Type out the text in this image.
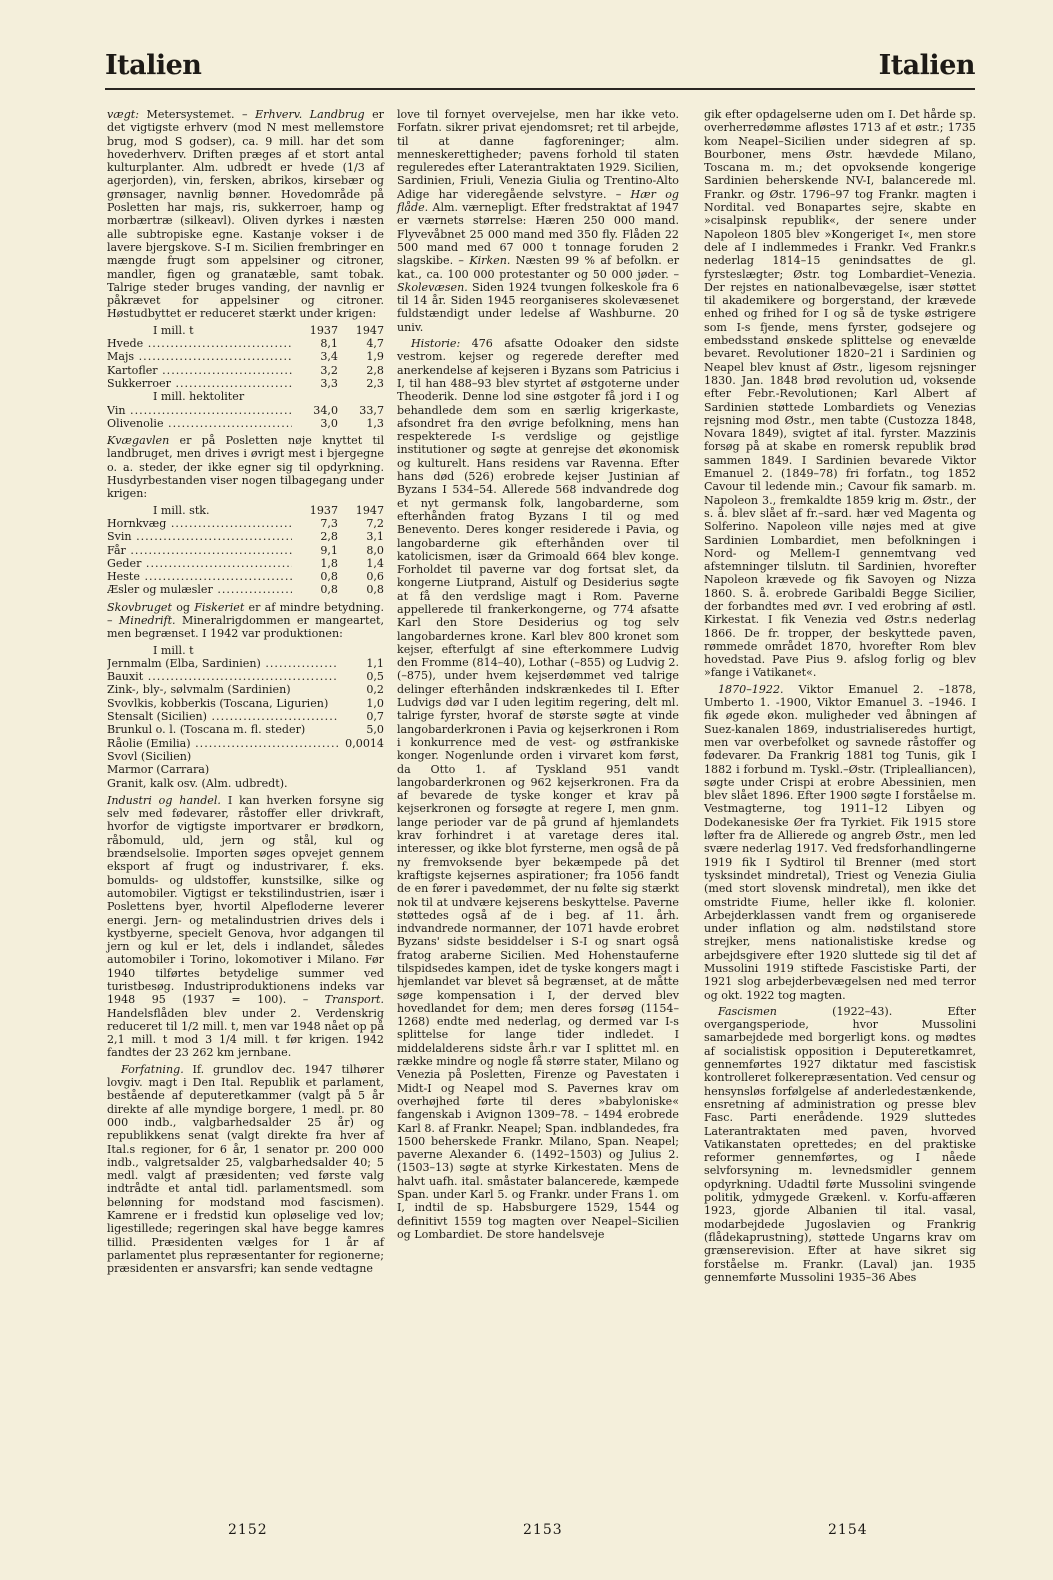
Italien	Italien

vægt: Metersystemet. – Erhverv. Landbrug er det vigtigste erhverv (mod N mest mellemstore brug, mod S godser), ca. 9 mill. har det som hovederhverv. Driften præges af et stort antal kulturplanter. Alm. udbredt er hvede (1/3 af agerjorden), vin, fersken, abrikos, kirsebær og grønsager, navnlig bønner. Hovedområde på Posletten har majs, ris, sukkerroer, hamp og morbærtræ (silkeavl). Oliven dyrkes i næsten alle subtropiske egne. Kastanje vokser i de lavere bjergskove. S-I m. Sicilien frembringer en mængde frugt som appelsiner og citroner, mandler, figen og granatæble, samt tobak. Talrige steder bruges vanding, der navnlig er påkrævet for appelsiner og citroner. Høstudbyttet er reduceret stærkt under krigen:

I mill. t	1937	1947
Hvede .....	8,1	4,7
Majs .....	3,4	1,9
Kartofler .....	3,2	2,8
Sukkerroer .....	3,3	2,3
I mill. hektoliter		
Vin .....	34,0	33,7
Olivenolie .....	3,0	1,3

Kvægavlen er på Posletten nøje knyttet til landbruget, men drives i øvrigt mest i bjergegne o. a. steder, der ikke egner sig til opdyrkning. Husdyrbestanden viser nogen tilbagegang under krigen:

I mill. stk.	1937	1947
Hornkvæg .....	7,3	7,2
Svin .....	2,8	3,1
Får .....	9,1	8,0
Geder .....	1,8	1,4
Heste .....	0,8	0,6
Æsler og mulæsler .....	0,8	0,8

Skovbruget og Fiskeriet er af mindre betydning. – Minedrift. Mineralrigdommen er mangeartet, men begrænset. I 1942 var produktionen:

I mill. t	
Jernmalm (Elba, Sardinien) .....	1,1
Bauxit .....	0,5
Zink-, bly-, sølvmalm (Sardinien)	0,2
Svovlkis, kobberkis (Toscana, Ligurien)	1,0
Stensalt (Sicilien) .....	0,7
Brunkul o. l. (Toscana m. fl. steder)	5,0
Råolie (Emilia) .....	0,0014
Svovl (Sicilien)	
Marmor (Carrara)	
Granit, kalk osv. (Alm. udbredt).	

Industri og handel. I kan hverken forsyne sig selv med fødevarer, råstoffer eller drivkraft, hvorfor de vigtigste importvarer er brødkorn, råbomuld, uld, jern og stål, kul og brændselsolie. Importen søges opvejet gennem eksport af frugt og industrivarer, f. eks. bomulds- og uldstoffer, kunstsilke, silke og automobiler. Vigtigst er tekstilindustrien, især i Poslettens byer, hvortil Alpefloderne leverer energi. Jern- og metalindustrien drives dels i kystbyerne, specielt Genova, hvor adgangen til jern og kul er let, dels i indlandet, således automobiler i Torino, lokomotiver i Milano. Før 1940 tilførtes betydelige summer ved turistbesøg. Industriproduktionens indeks var 1948 95 (1937 = 100). – Transport. Handelsflåden blev under 2. Verdenskrig reduceret til 1/2 mill. t, men var 1948 nået op på 2,1 mill. t mod 3 1/4 mill. t før krigen. 1942 fandtes der 23 262 km jernbane.

Forfatning. If. grundlov dec. 1947 tilhører lovgiv. magt i Den Ital. Republik et parlament, bestående af deputeretkammer (valgt på 5 år direkte af alle myndige borgere, 1 medl. pr. 80 000 indb., valgbarhedsalder 25 år) og republikkens senat (valgt direkte fra hver af Ital.s regioner, for 6 år, 1 senator pr. 200 000 indb., valgretsalder 25, valgbarhedsalder 40; 5 medl. valgt af præsidenten; ved første valg indtrådte et antal tidl. parlamentsmedl. som belønning for modstand mod fascismen). Kamrene er i fredstid kun opløselige ved lov; ligestillede; regeringen skal have begge kamres tillid. Præsidenten vælges for 1 år af parlamentet plus repræsentanter for regionerne; præsidenten er ansvarsfri; kan sende vedtagne

love til fornyet overvejelse, men har ikke veto. Forfatn. sikrer privat ejendomsret; ret til arbejde, til at danne fagforeninger; alm. menneskerettigheder; pavens forhold til staten reguleredes efter Laterantraktaten 1929. Sicilien, Sardinien, Friuli, Venezia Giulia og Trentino-Alto Adige har videregående selvstyre. – Hær og flåde. Alm. værnepligt. Efter fredstraktat af 1947 er værnets størrelse: Hæren 250 000 mand. Flyvevåbnet 25 000 mand med 350 fly. Flåden 22 500 mand med 67 000 t tonnage foruden 2 slagskibe. – Kirken. Næsten 99 % af befolkn. er kat., ca. 100 000 protestanter og 50 000 jøder. – Skolevæsen. Siden 1924 tvungen folkeskole fra 6 til 14 år. Siden 1945 reorganiseres skolevæsenet fuldstændigt under ledelse af Washburne. 20 univ.

Historie: 476 afsatte Odoaker den sidste vestrom. kejser og regerede derefter med anerkendelse af kejseren i Byzans som Patricius i I, til han 488–93 blev styrtet af østgoterne under Theoderik. Denne lod sine østgoter få jord i I og behandlede dem som en særlig krigerkaste, afsondret fra den øvrige befolkning, mens han respekterede I-s verdslige og gejstlige institutioner og søgte at genrejse det økonomisk og kulturelt. Hans residens var Ravenna. Efter hans død (526) erobrede kejser Justinian af Byzans I 534–54. Allerede 568 indvandrede dog et nyt germansk folk, langobarderne, som efterhånden fratog Byzans I til og med Benevento. Deres konger residerede i Pavia, og langobarderne gik efterhånden over til katolicismen, især da Grimoald 664 blev konge. Forholdet til paverne var dog fortsat slet, da kongerne Liutprand, Aistulf og Desiderius søgte at få den verdslige magt i Rom. Paverne appellerede til frankerkongerne, og 774 afsatte Karl den Store Desiderius og tog selv langobardernes krone. Karl blev 800 kronet som kejser, efterfulgt af sine efterkommere Ludvig den Fromme (814–40), Lothar (–855) og Ludvig 2. (–875), under hvem kejserdømmet ved talrige delinger efterhånden indskrænkedes til I. Efter Ludvigs død var I uden legitim regering, delt ml. talrige fyrster, hvoraf de største søgte at vinde langobarderkronen i Pavia og kejserkronen i Rom i konkurrence med de vest- og østfrankiske konger. Nogenlunde orden i virvaret kom først, da Otto 1. af Tyskland 951 vandt langobarderkronen og 962 kejserkronen. Fra da af bevarede de tyske konger et krav på kejserkronen og forsøgte at regere I, men gnm. lange perioder var de på grund af hjemlandets krav forhindret i at varetage deres ital. interesser, og ikke blot fyrsterne, men også de på ny fremvoksende byer bekæmpede på det kraftigste kejsernes aspirationer; fra 1056 fandt de en fører i pavedømmet, der nu følte sig stærkt nok til at undvære kejserens beskyttelse. Paverne støttedes også af de i beg. af 11. årh. indvandrede normanner, der 1071 havde erobret Byzans' sidste besiddelser i S-I og snart også fratog araberne Sicilien. Med Hohenstauferne tilspidsedes kampen, idet de tyske kongers magt i hjemlandet var blevet så begrænset, at de måtte søge kompensation i I, der derved blev hovedlandet for dem; men deres forsøg (1154–1268) endte med nederlag, og dermed var I-s splittelse for lange tider indledet. I middelalderens sidste årh.r var I splittet ml. en række mindre og nogle få større stater, Milano og Venezia på Posletten, Firenze og Pavestaten i Midt-I og Neapel mod S. Pavernes krav om overhøjhed førte til deres »babyloniske« fangenskab i Avignon 1309–78. – 1494 erobrede Karl 8. af Frankr. Neapel; Span. indblandedes, fra 1500 beherskede Frankr. Milano, Span. Neapel; paverne Alexander 6. (1492–1503) og Julius 2. (1503–13) søgte at styrke Kirkestaten. Mens de halvt uafh. ital. småstater balancerede, kæmpede Span. under Karl 5. og Frankr. under Frans 1. om I, indtil de sp. Habsburgere 1529, 1544 og definitivt 1559 tog magten over Neapel–Sicilien og Lombardiet. De store handelsveje

gik efter opdagelserne uden om I. Det hårde sp. overherredømme afløstes 1713 af et østr.; 1735 kom Neapel–Sicilien under sidegren af sp. Bourboner, mens Østr. hævdede Milano, Toscana m. m.; det opvoksende kongerige Sardinien beherskende NV-I, balancerede ml. Frankr. og Østr. 1796–97 tog Frankr. magten i Nordital. ved Bonapartes sejre, skabte en »cisalpinsk republik«, der senere under Napoleon 1805 blev »Kongeriget I«, men store dele af I indlemmedes i Frankr. Ved Frankr.s nederlag 1814–15 genindsattes de gl. fyrsteslægter; Østr. tog Lombardiet–Venezia. Der rejstes en nationalbevægelse, især støttet til akademikere og borgerstand, der krævede enhed og frihed for I og så de tyske østrigere som I-s fjende, mens fyrster, godsejere og embedsstand ønskede splittelse og enevælde bevaret. Revolutioner 1820–21 i Sardinien og Neapel blev knust af Østr., ligesom rejsninger 1830. Jan. 1848 brød revolution ud, voksende efter Febr.-Revolutionen; Karl Albert af Sardinien støttede Lombardiets og Venezias rejsning mod Østr., men tabte (Custozza 1848, Novara 1849), svigtet af ital. fyrster. Mazzinis forsøg på at skabe en romersk republik brød sammen 1849. I Sardinien bevarede Viktor Emanuel 2. (1849–78) fri forfatn., tog 1852 Cavour til ledende min.; Cavour fik samarb. m. Napoleon 3., fremkaldte 1859 krig m. Østr., der s. å. blev slået af fr.–sard. hær ved Magenta og Solferino. Napoleon ville nøjes med at give Sardinien Lombardiet, men befolkningen i Nord- og Mellem-I gennemtvang ved afstemninger tilslutn. til Sardinien, hvorefter Napoleon krævede og fik Savoyen og Nizza 1860. S. å. erobrede Garibaldi Begge Sicilier, der forbandtes med øvr. I ved erobring af østl. Kirkestat. I fik Venezia ved Østr.s nederlag 1866. De fr. tropper, der beskyttede paven, rømmede området 1870, hvorefter Rom blev hovedstad. Pave Pius 9. afslog forlig og blev »fange i Vatikanet«.

1870–1922. Viktor Emanuel 2. –1878, Umberto 1. -1900, Viktor Emanuel 3. –1946. I fik øgede økon. muligheder ved åbningen af Suez-kanalen 1869, industrialiseredes hurtigt, men var overbefolket og savnede råstoffer og fødevarer. Da Frankrig 1881 tog Tunis, gik I 1882 i forbund m. Tyskl.–Østr. (Triplealliancen), søgte under Crispi at erobre Abessinien, men blev slået 1896. Efter 1900 søgte I forståelse m. Vestmagterne, tog 1911–12 Libyen og Dodekanesiske Øer fra Tyrkiet. Fik 1915 store løfter fra de Allierede og angreb Østr., men led svære nederlag 1917. Ved fredsforhandlingerne 1919 fik I Sydtirol til Brenner (med stort tysksindet mindretal), Triest og Venezia Giulia (med stort slovensk mindretal), men ikke det omstridte Fiume, heller ikke fl. kolonier. Arbejderklassen vandt frem og organiserede under inflation og alm. nødstilstand store strejker, mens nationalistiske kredse og arbejdsgivere efter 1920 sluttede sig til det af Mussolini 1919 stiftede Fascistiske Parti, der 1921 slog arbejderbevægelsen ned med terror og okt. 1922 tog magten.

Fascismen (1922–43). Efter overgangsperiode, hvor Mussolini samarbejdede med borgerligt kons. og mødtes af socialistisk opposition i Deputeretkamret, gennemførtes 1927 diktatur med fascistisk kontrolleret folkerepræsentation. Ved censur og hensynsløs forfølgelse af anderledestænkende, ensretning af administration og presse blev Fasc. Parti enerådende. 1929 sluttedes Laterantraktaten med paven, hvorved Vatikanstaten oprettedes; en del praktiske reformer gennemførtes, og I nåede selvforsyning m. levnedsmidler gennem opdyrkning. Udadtil førte Mussolini svingende politik, ydmygede Grækenl. v. Korfu-affæren 1923, gjorde Albanien til ital. vasal, modarbejdede Jugoslavien og Frankrig (flådekaprustning), støttede Ungarns krav om grænserevision. Efter at have sikret sig forståelse m. Frankr. (Laval) jan. 1935 gennemførte Mussolini 1935–36 Abes

2152	2153	2154
